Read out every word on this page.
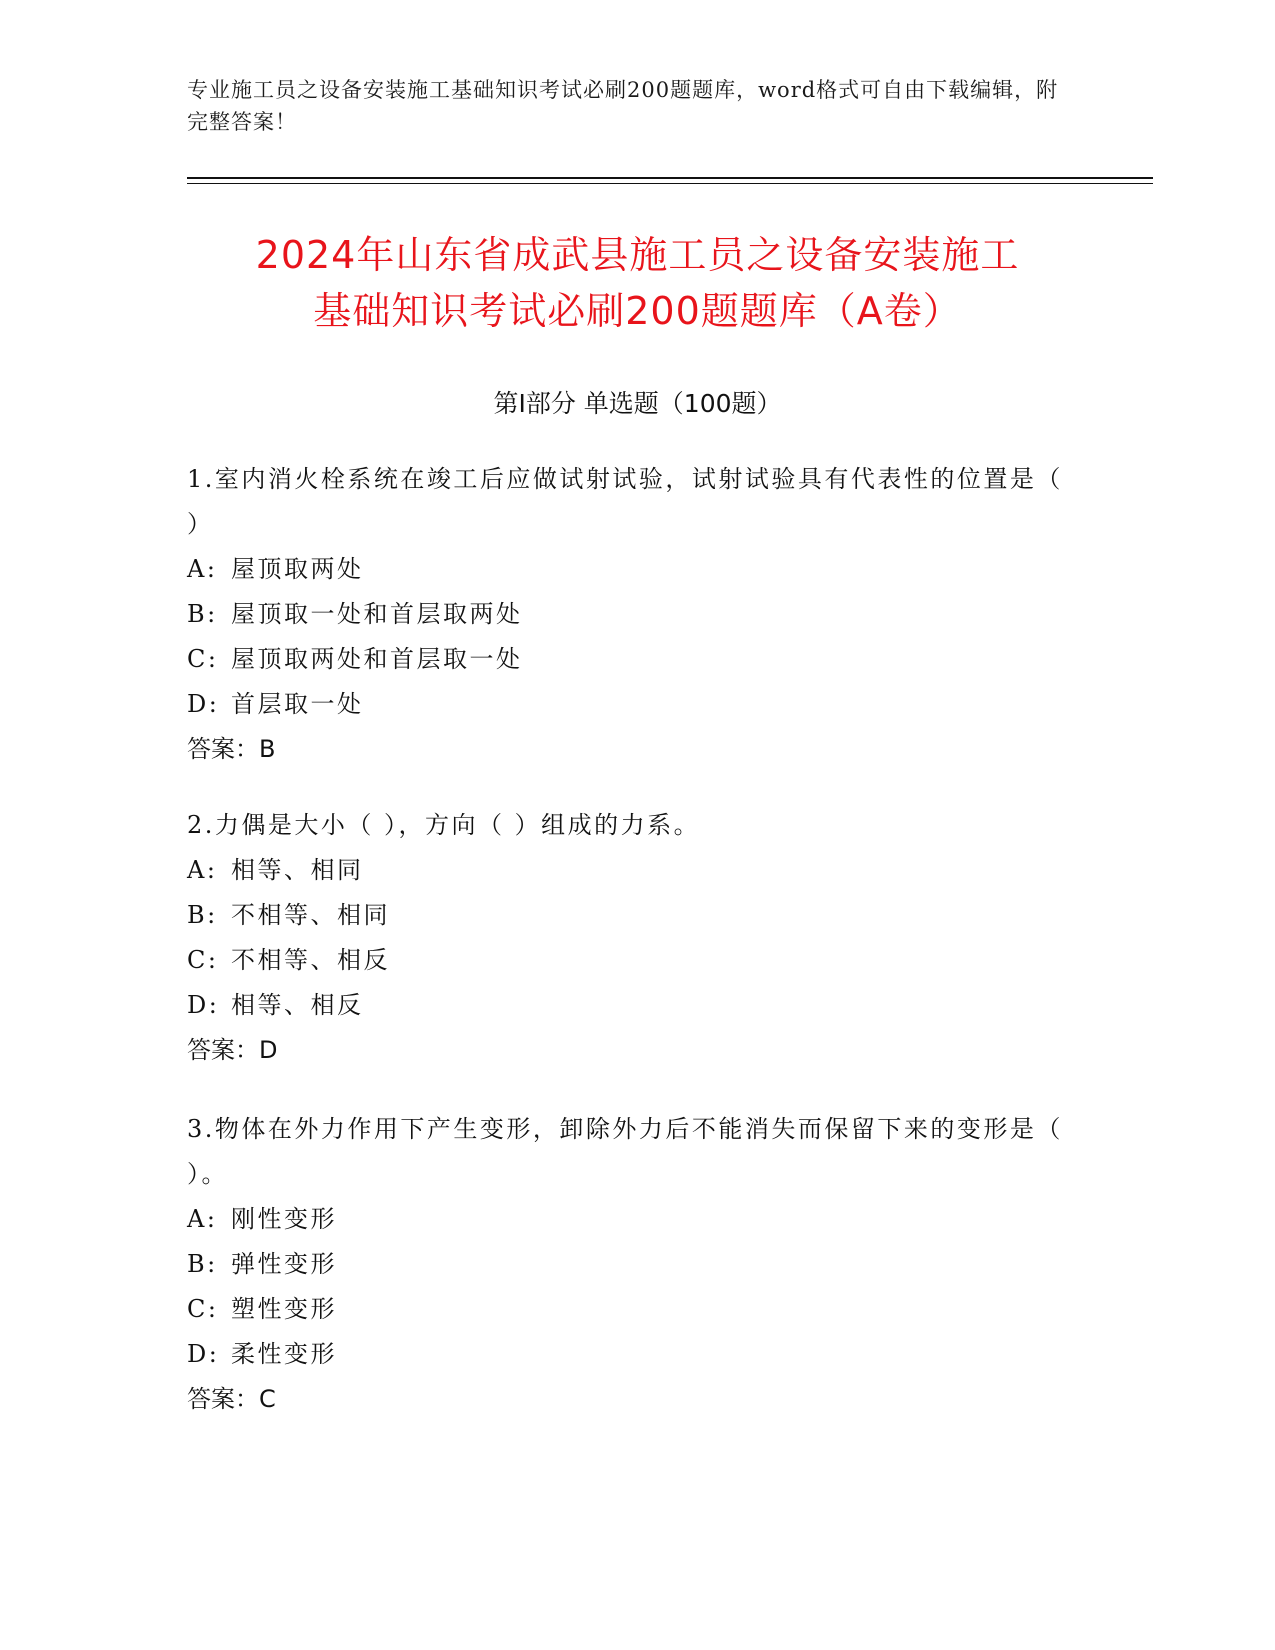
专业施工员之设备安装施工基础知识考试必刷200题题库，word格式可自由下载编辑，附完整答案！
2024年山东省成武县施工员之设备安装施工
基础知识考试必刷200题题库（A卷）
第Ⅰ部分 单选题（100题）

1.室内消火栓系统在竣工后应做试射试验，试射试验具有代表性的位置是（ ）

A: 屋顶取两处

B: 屋顶取一处和首层取两处

C: 屋顶取两处和首层取一处

D: 首层取一处

答案：B

2.力偶是大小（ ），方向（ ）组成的力系。

A: 相等、相同

B: 不相等、相同

C: 不相等、相反

D: 相等、相反

答案：D

3.物体在外力作用下产生变形，卸除外力后不能消失而保留下来的变形是（ ）。

A: 刚性变形

B: 弹性变形

C: 塑性变形

D: 柔性变形

答案：C
